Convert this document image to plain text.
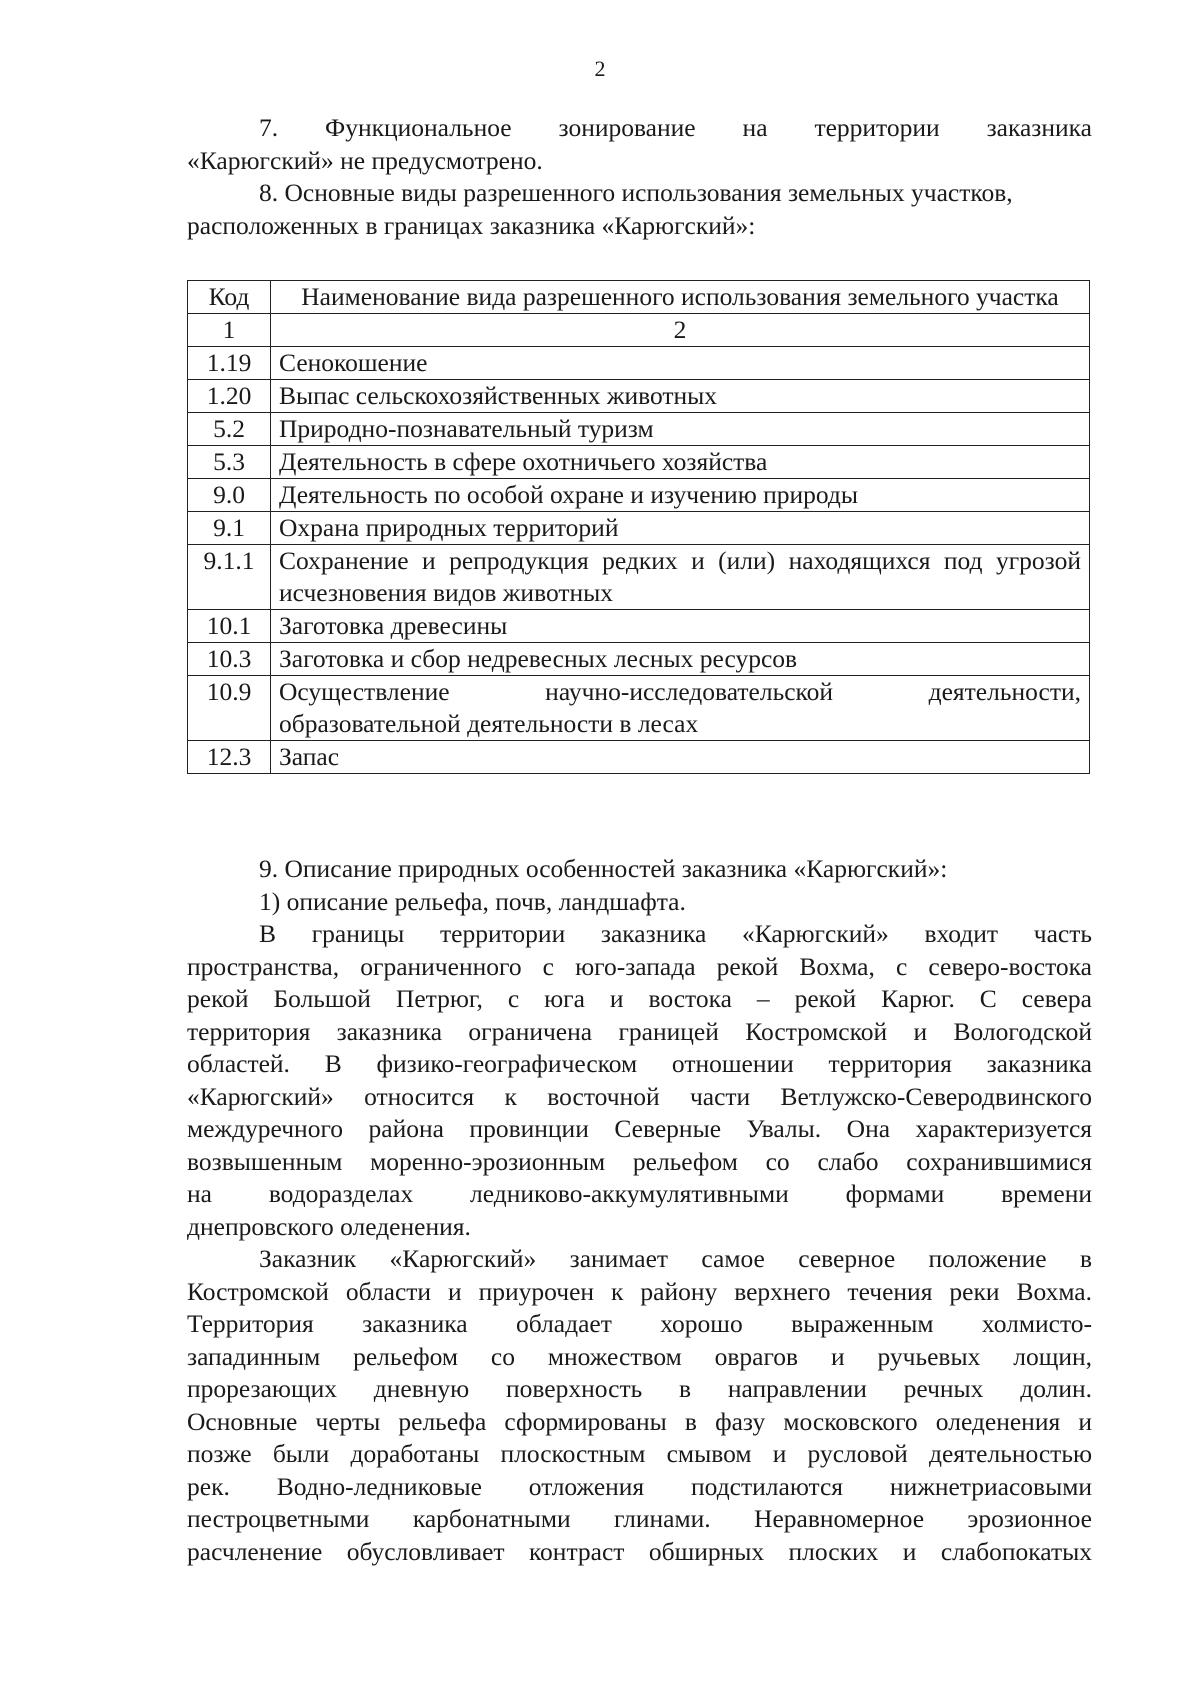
2
7. Функциональное зонирование на территории заказника

«Карюгский» не предусмотрено.

8. Основные виды разрешенного использования земельных участков,

расположенных в границах заказника «Карюгский»:

Код	Наименование вида разрешенного использования земельного участка
1	2
1.19	Сенокошение
1.20	Выпас сельскохозяйственных животных
5.2	Природно-познавательный туризм
5.3	Деятельность в сфере охотничьего хозяйства
9.0	Деятельность по особой охране и изучению природы
9.1	Охрана природных территорий
9.1.1	Сохранение и репродукция редких и (или) находящихся под угрозой исчезновения видов животных
10.1	Заготовка древесины
10.3	Заготовка и сбор недревесных лесных ресурсов
10.9	Осуществление научно-исследовательской деятельности, образовательной деятельности в лесах
12.3	Запас

9. Описание природных особенностей заказника «Карюгский»:

1) описание рельефа, почв, ландшафта.

В границы территории заказника «Карюгский» входит часть

пространства, ограниченного с юго-запада рекой Вохма, с северо-востока

рекой Большой Петрюг, с юга и востока – рекой Карюг. С севера

территория заказника ограничена границей Костромской и Вологодской

областей. В физико-географическом отношении территория заказника

«Карюгский» относится к восточной части Ветлужско-Северодвинского

междуречного района провинции Северные Увалы. Она характеризуется

возвышенным моренно-эрозионным рельефом со слабо сохранившимися

на водоразделах ледниково-аккумулятивными формами времени

днепровского оледенения.

Заказник «Карюгский» занимает самое северное положение в

Костромской области и приурочен к району верхнего течения реки Вохма.

Территория заказника обладает хорошо выраженным холмисто-

западинным рельефом со множеством оврагов и ручьевых лощин,

прорезающих дневную поверхность в направлении речных долин.

Основные черты рельефа сформированы в фазу московского оледенения и

позже были доработаны плоскостным смывом и русловой деятельностью

рек. Водно-ледниковые отложения подстилаются нижнетриасовыми

пестроцветными карбонатными глинами. Неравномерное эрозионное

расчленение обусловливает контраст обширных плоских и слабопокатых
